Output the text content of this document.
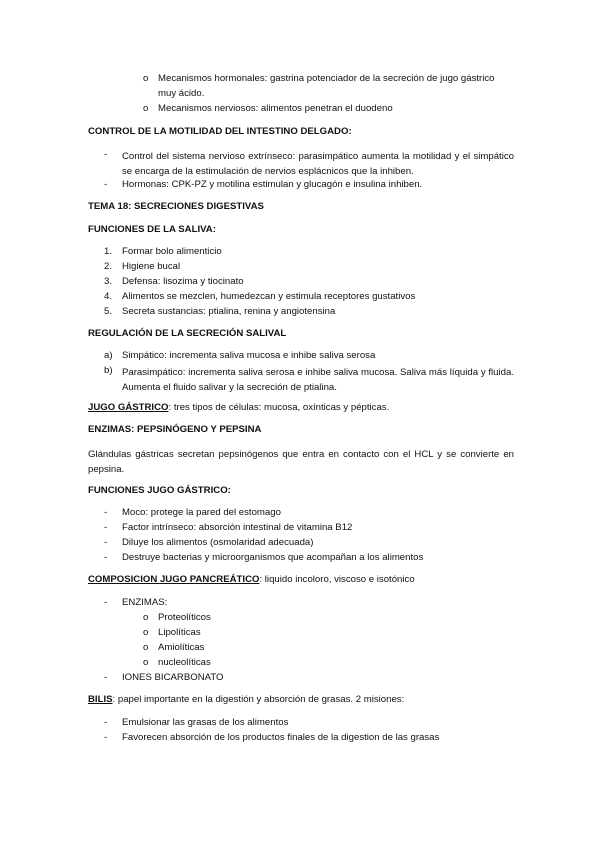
o Mecanismos hormonales: gastrina potenciador de la secreción de jugo gástrico
muy ácido.
o Mecanismos nerviosos: alimentos penetran el duodeno
CONTROL DE LA MOTILIDAD DEL INTESTINO DELGADO:
- Control del sistema nervioso extrínseco: parasimpático aumenta la motilidad y el simpático se encarga de la estimulación de nervios esplácnicos que la inhiben.
- Hormonas: CPK-PZ y motilina estimulan y glucagón e insulina inhiben.
TEMA 18: SECRECIONES DIGESTIVAS
FUNCIONES DE LA SALIVA:
1. Formar bolo alimenticio
2. Higiene bucal
3. Defensa: lisozima y tiocinato
4. Alimentos se mezclen, humedezcan y estimula receptores gustativos
5. Secreta sustancias: ptialina, renina y angiotensina
REGULACIÓN DE LA SECRECIÓN SALIVAL
a) Simpático: incrementa saliva mucosa e inhibe saliva serosa
b) Parasimpático: incrementa saliva serosa e inhibe saliva mucosa. Saliva más líquida y fluida. Aumenta el fluido salivar y la secreción de ptialina.
JUGO GÁSTRICO: tres tipos de células: mucosa, oxínticas y pépticas.
ENZIMAS: PEPSINÓGENO Y PEPSINA
Glándulas gástricas secretan pepsinógenos que entra en contacto con el HCL y se convierte en pepsina.
FUNCIONES JUGO GÁSTRICO:
- Moco: protege la pared del estomago
- Factor intrínseco: absorción intestinal de vitamina B12
- Diluye los alimentos (osmolaridad adecuada)
- Destruye bacterias y microorganismos que acompañan a los alimentos
COMPOSICION JUGO PANCREÁTICO: liquido incoloro, viscoso e isotónico
- ENZIMAS:
o Proteolíticos
o Lipolíticas
o Amiolíticas
o nucleolíticas
- IONES BICARBONATO
BILIS: papel importante en la digestión y absorción de grasas. 2 misiones:
- Emulsionar las grasas de los alimentos
- Favorecen absorción de los productos finales de la digestion de las grasas
